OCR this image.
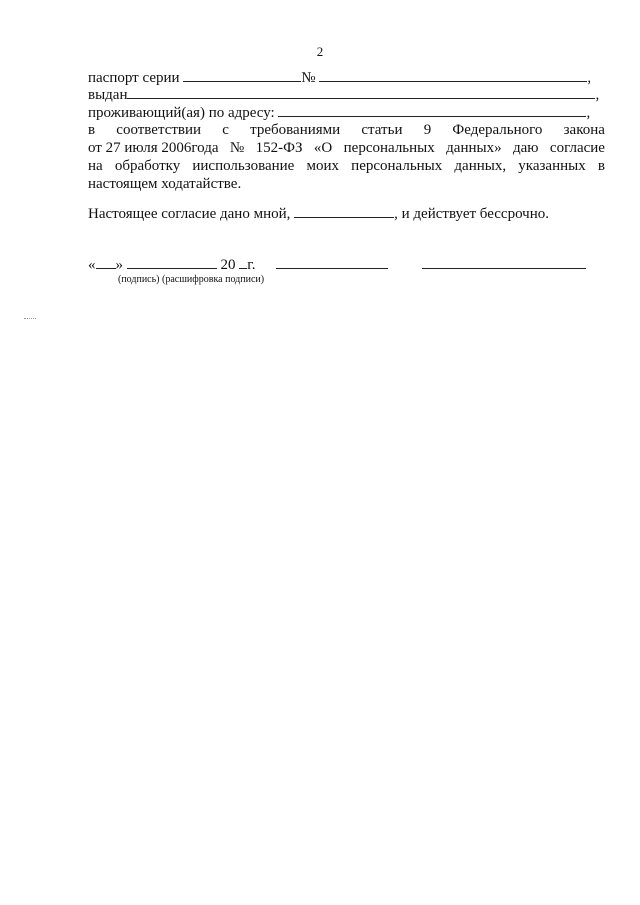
2
паспорт серии	№	,
выдан	,
проживающий(ая) по адресу:	,
в соответствии с требованиями статьи 9 Федерального закона
от 27 июля 2006года № 152-ФЗ «О персональных данных» даю согласие
на обработку ииспользование моих персональных данных, указанных в
настоящем ходатайстве.
Настоящее согласие дано мной,	, и действует бессрочно.
« »	20 г.
(подпись) (расшифровка подписи)
